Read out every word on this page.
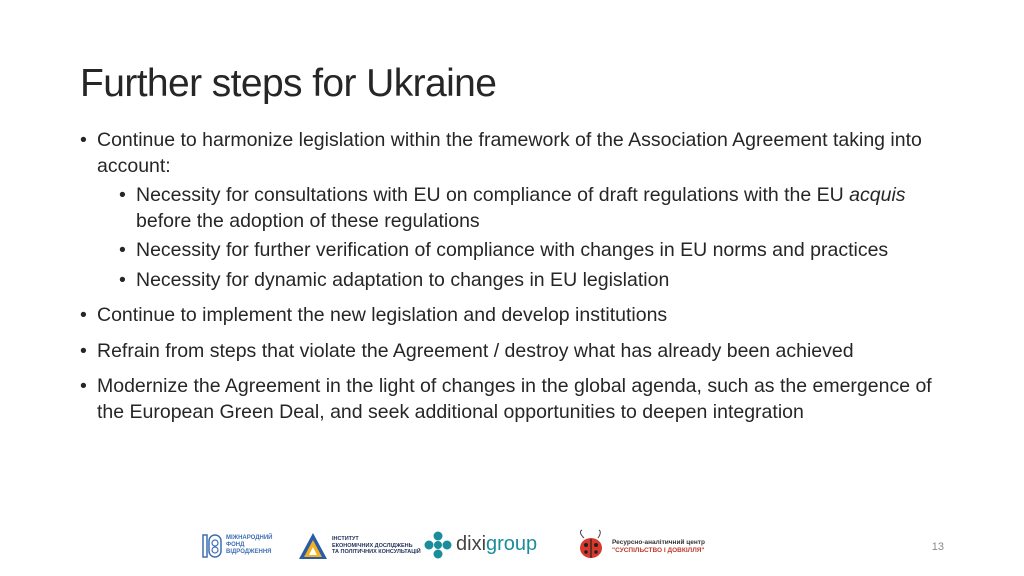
Further steps for Ukraine
• Continue to harmonize legislation within the framework of the Association Agreement taking into account:
• Necessity for consultations with EU on compliance of draft regulations with the EU acquis before the adoption of these regulations
• Necessity for further verification of compliance with changes in EU norms and practices
• Necessity for dynamic adaptation to changes in EU legislation
• Continue to implement the new legislation and develop institutions
• Refrain from steps that violate the Agreement / destroy what has already been achieved
• Modernize the Agreement in the light of changes in the global agenda, such as the emergence of the European Green Deal, and seek additional opportunities to deepen integration
МІЖНАРОДНИЙ
ФОНД
ВІДРОДЖЕННЯ
ІНСТИТУТ
ЕКОНОМІЧНИХ ДОСЛІДЖЕНЬ
ТА ПОЛІТИЧНИХ КОНСУЛЬТАЦІЙ dixigroup	Ресурсно-аналітичний центр
"СУСПІЛЬСТВО І ДОВКІЛЛЯ"	13
